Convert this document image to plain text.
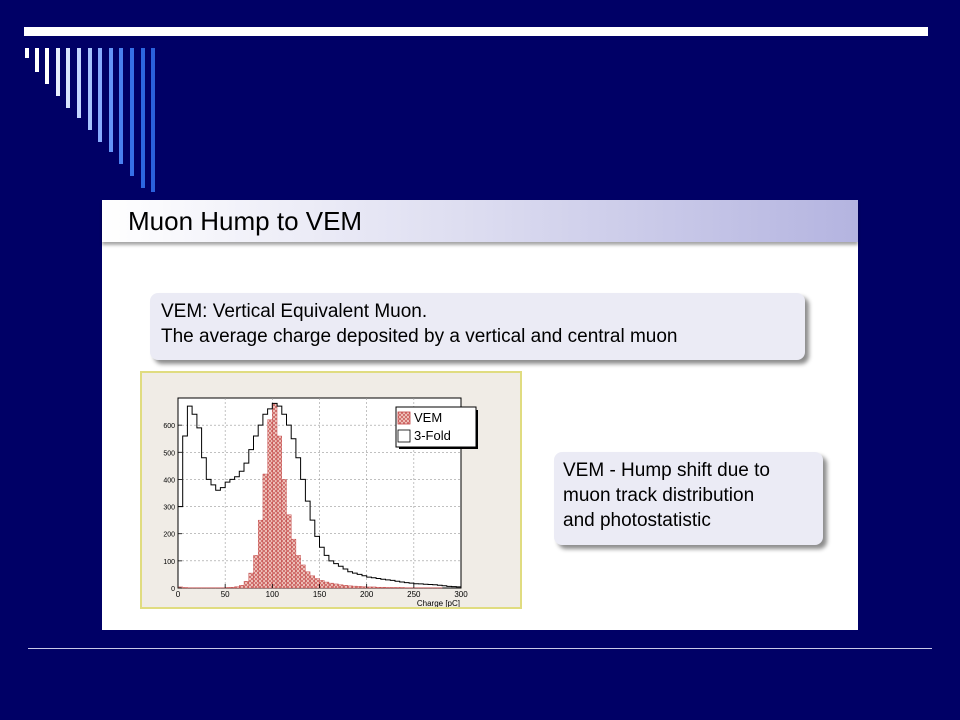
Muon Hump to VEM
VEM: Vertical Equivalent Muon.
The average charge deposited by a vertical and central muon
0	50	100	150	200	250	300
0
100
200
300
400
500
600
Charge [pC]
VEM
3-Fold
VEM - Hump shift due to
muon track distribution
and photostatistic
